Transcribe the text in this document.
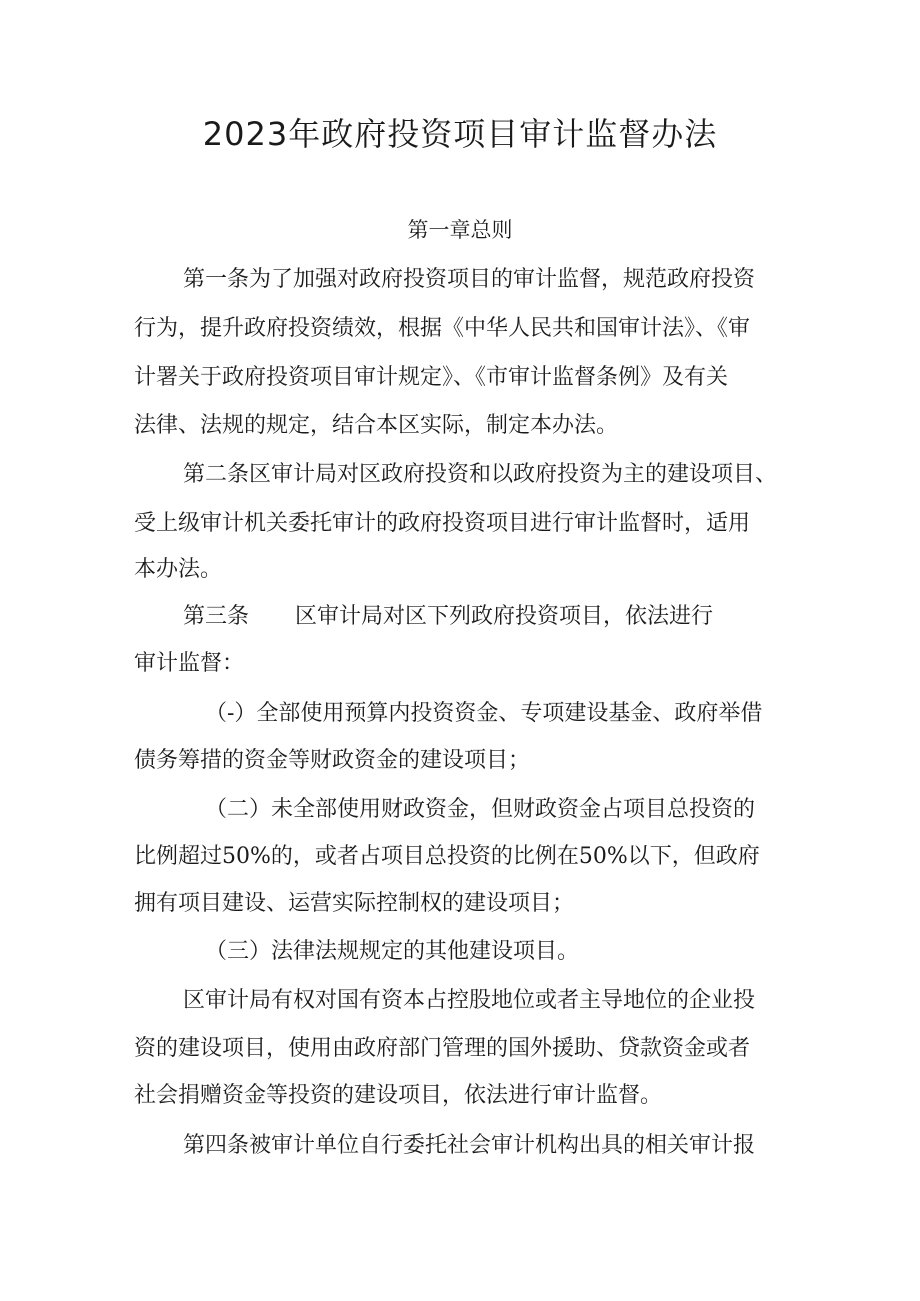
2023年政府投资项目审计监督办法
第一章总则

第一条为了加强对政府投资项目的审计监督，规范政府投资

行为，提升政府投资绩效，根据《中华人民共和国审计法》、《审

计署关于政府投资项目审计规定》、《市审计监督条例》及有关

法律、法规的规定，结合本区实际，制定本办法。

第二条区审计局对区政府投资和以政府投资为主的建设项目、

受上级审计机关委托审计的政府投资项目进行审计监督时，适用

本办法。

第三条 区审计局对区下列政府投资项目，依法进行

审计监督：

（-）全部使用预算内投资资金、专项建设基金、政府举借

债务筹措的资金等财政资金的建设项目；

（二）未全部使用财政资金，但财政资金占项目总投资的

比例超过50%的，或者占项目总投资的比例在50%以下，但政府

拥有项目建设、运营实际控制权的建设项目；

（三）法律法规规定的其他建设项目。

区审计局有权对国有资本占控股地位或者主导地位的企业投

资的建设项目，使用由政府部门管理的国外援助、贷款资金或者

社会捐赠资金等投资的建设项目，依法进行审计监督。

第四条被审计单位自行委托社会审计机构出具的相关审计报
